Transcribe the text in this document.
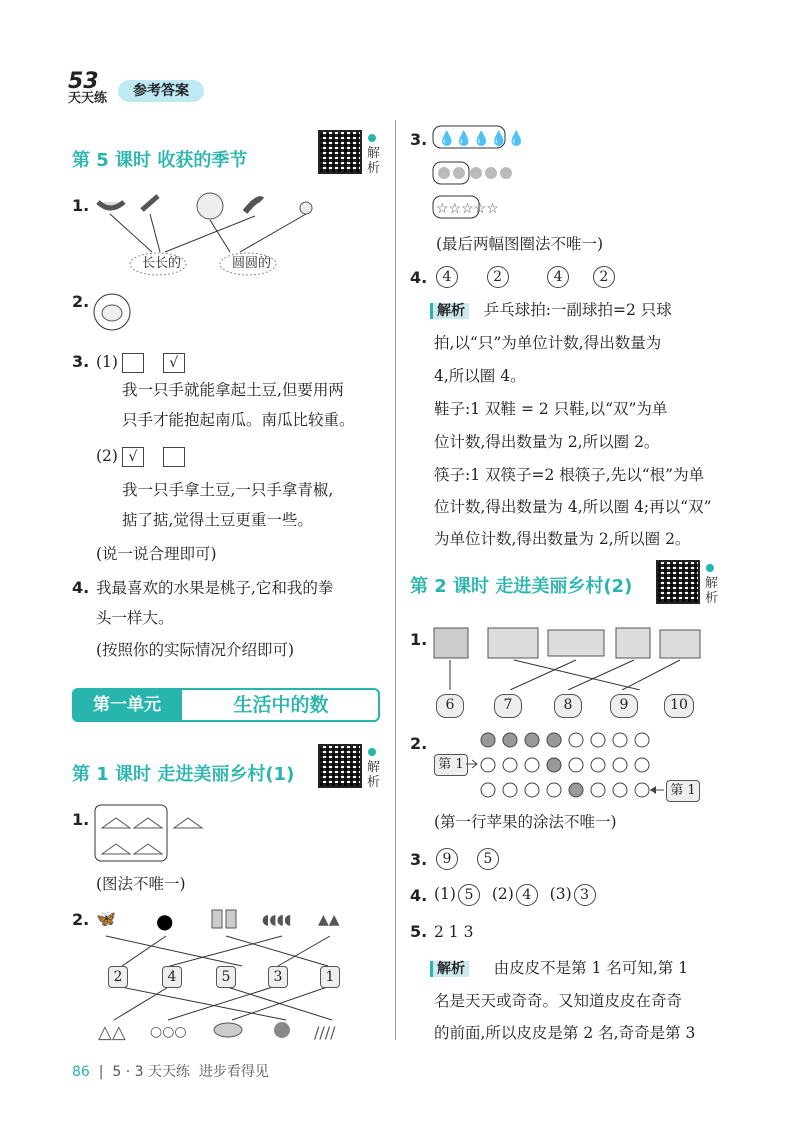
53
天天练	参考答案
第 5 课时 收获的季节	解析
1.
长长的	圆圆的
2.
3. (1)	√
我一只手就能拿起土豆,但要用两
只手才能抱起南瓜。南瓜比较重。
(2) √
我一只手拿土豆,一只手拿青椒,
掂了掂,觉得土豆更重一些。
(说一说合理即可)
4. 我最喜欢的水果是桃子,它和我的拳
头一样大。
(按照你的实际情况介绍即可)
第一单元	生活中的数
第 1 课时 走进美丽乡村(1)	解析
1.
(图法不唯一)
2. 🦋 ●	◖◖◖◖ ▲▲
△△ ○○○	////
2	4	5	3	1
3. 💧💧💧💧💧
☆☆☆☆☆
(最后两幅图圈法不唯一)
4.	4	2	4	2
解析 乒乓球拍:一副球拍=2 只球
拍,以“只”为单位计数,得出数量为
4,所以圈 4。
鞋子:1 双鞋 = 2 只鞋,以“双”为单
位计数,得出数量为 2,所以圈 2。
筷子:1 双筷子=2 根筷子,先以“根”为单
位计数,得出数量为 4,所以圈 4;再以“双”
为单位计数,得出数量为 2,所以圈 2。
第 2 课时 走进美丽乡村(2)	解析
1.
6	7	8	9	10
2.
第 1
第 1
(第一行苹果的涂法不唯一)
3.	9 5
4. (1) 5 (2) 4 (3) 3
5. 2 1 3
解析 由皮皮不是第 1 名可知,第 1
名是天天或奇奇。又知道皮皮在奇奇
的前面,所以皮皮是第 2 名,奇奇是第 3
86  |  5 · 3 天天练 进步看得见
